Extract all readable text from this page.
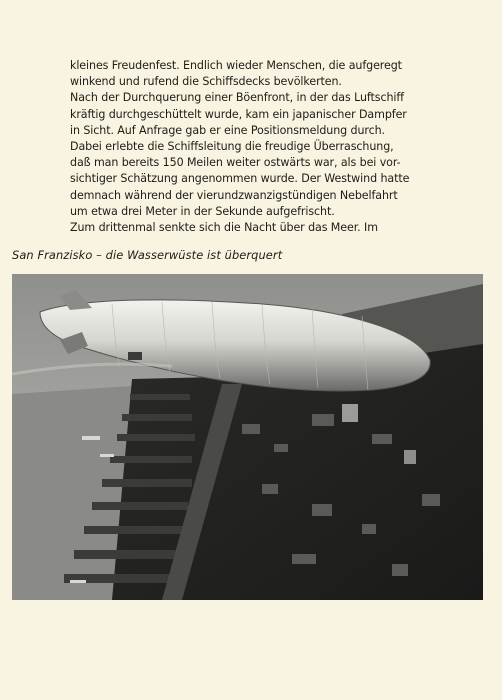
kleines Freudenfest. Endlich wieder Menschen, die aufgeregt
winkend und rufend die Schiffsdecks bevölkerten.
Nach der Durchquerung einer Böenfront, in der das Luftschiff
kräftig durchgeschüttelt wurde, kam ein japanischer Dampfer
in Sicht. Auf Anfrage gab er eine Positionsmeldung durch.
Dabei erlebte die Schiffsleitung die freudige Überraschung,
daß man bereits 150 Meilen weiter ostwärts war, als bei vor-
sichtiger Schätzung angenommen wurde. Der Westwind hatte
demnach während der vierundzwanzigstündigen Nebelfahrt
um etwa drei Meter in der Sekunde aufgefrischt.
Zum drittenmal senkte sich die Nacht über das Meer. Im
San Franzisko – die Wasserwüste ist überquert
